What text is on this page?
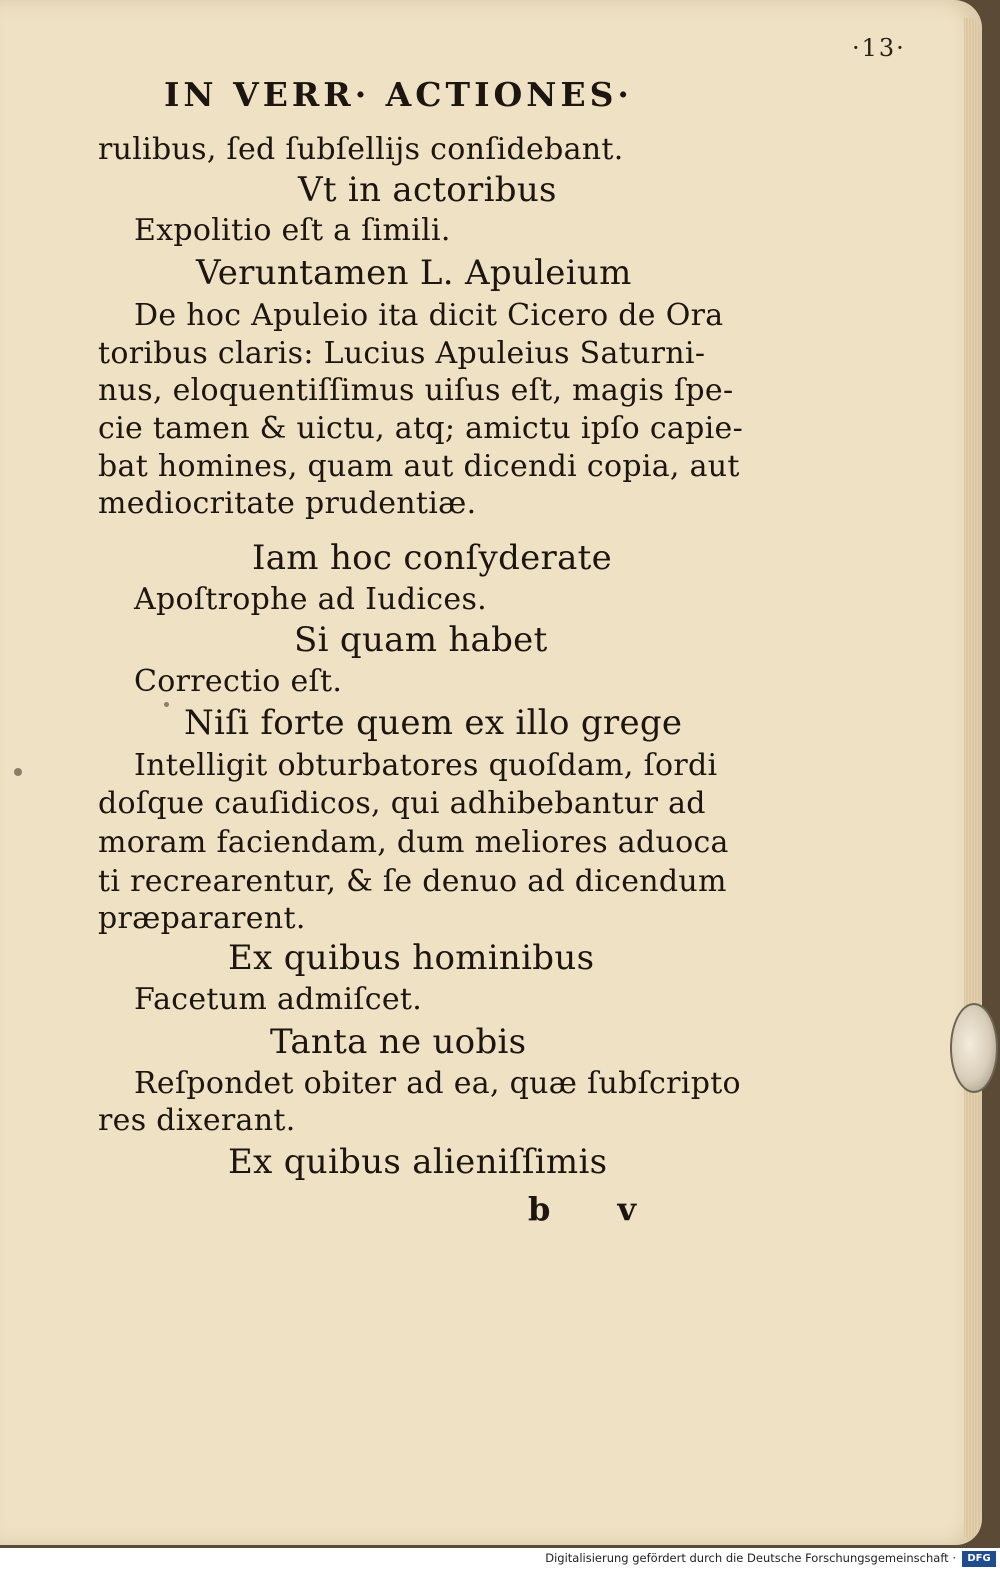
·13·
IN VERR· ACTIONES·
rulibus, ſed ſubſellijs conſidebant.
Vt in actoribus
Expolitio eſt a ſimili.
Veruntamen L. Apuleium
De hoc Apuleio ita dicit Cicero de Ora
toribus claris: Lucius Apuleius Saturni-
nus, eloquentiſſimus uiſus eſt, magis ſpe-
cie tamen & uictu, atq; amictu ipſo capie-
bat homines, quam aut dicendi copia, aut
mediocritate prudentiæ.
Iam hoc conſyderate
Apoſtrophe ad Iudices.
Si quam habet
Correctio eſt.
Niſi forte quem ex illo grege
Intelligit obturbatores quoſdam, ſordi
doſque cauſidicos, qui adhibebantur ad
moram faciendam, dum meliores aduoca
ti recrearentur, & ſe denuo ad dicendum
præpararent.
Ex quibus hominibus
Facetum admiſcet.
Tanta ne uobis
Reſpondet obiter ad ea, quæ ſubſcripto
res dixerant.
Ex quibus alieniſſimis
b v
Digitalisierung gefördert durch die Deutsche Forschungsgemeinschaft ·	DFG
